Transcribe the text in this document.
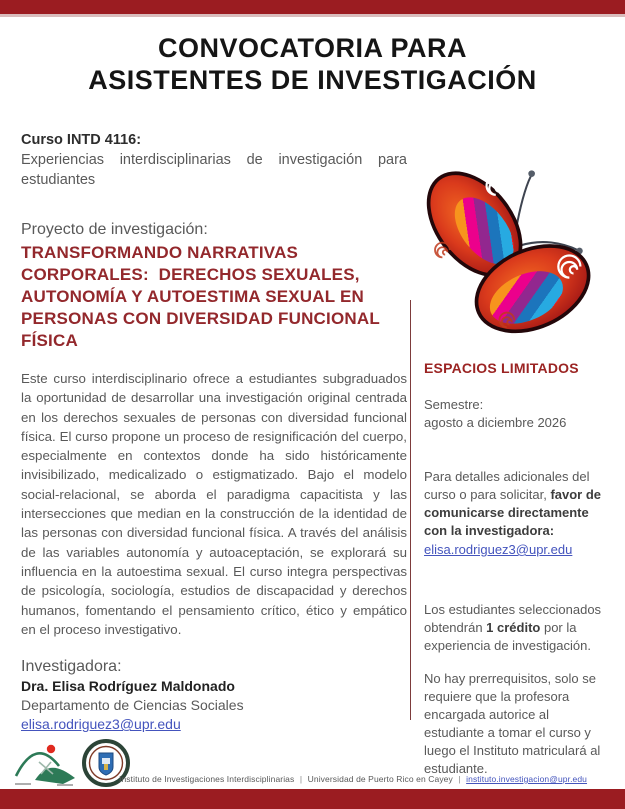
CONVOCATORIA PARA
ASISTENTES DE INVESTIGACIÓN
Curso INTD 4116:
Experiencias interdisciplinarias de investigación para estudiantes
Proyecto de investigación:
TRANSFORMANDO NARRATIVAS
CORPORALES:  DERECHOS SEXUALES,
AUTONOMÍA Y AUTOESTIMA SEXUAL EN
PERSONAS CON DIVERSIDAD FUNCIONAL
FÍSICA

Este curso interdisciplinario ofrece a estudiantes subgraduados la oportunidad de desarrollar una investigación original centrada en los derechos sexuales de personas con diversidad funcional física. El curso propone un proceso de resignificación del cuerpo, especialmente en contextos donde ha sido históricamente invisibilizado, medicalizado o estigmatizado. Bajo el modelo social-relacional, se aborda el paradigma capacitista y las intersecciones que median en la construcción de la identidad de las personas con diversidad funcional física. A través del análisis de las variables autonomía y autoaceptación, se explorará su influencia en la autoestima sexual. El curso integra perspectivas de psicología, sociología, estudios de discapacidad y derechos humanos, fomentando el pensamiento crítico, ético y empático en el proceso investigativo.

Investigadora:
Dra. Elisa Rodríguez Maldonado
Departamento de Ciencias Sociales
elisa.rodriguez3@upr.edu
ESPACIOS LIMITADOS
Semestre:
agosto a diciembre 2026
Para detalles adicionales del curso o para solicitar, favor de comunicarse directamente con la investigadora:
elisa.rodriguez3@upr.edu
Los estudiantes seleccionados obtendrán 1 crédito por la experiencia de investigación.
No hay prerrequisitos, solo se requiere que la profesora encargada autorice al estudiante a tomar el curso y luego el Instituto matriculará al estudiante.
Instituto de Investigaciones Interdisciplinarias | Universidad de Puerto Rico en Cayey | instituto.investigacion@upr.edu
